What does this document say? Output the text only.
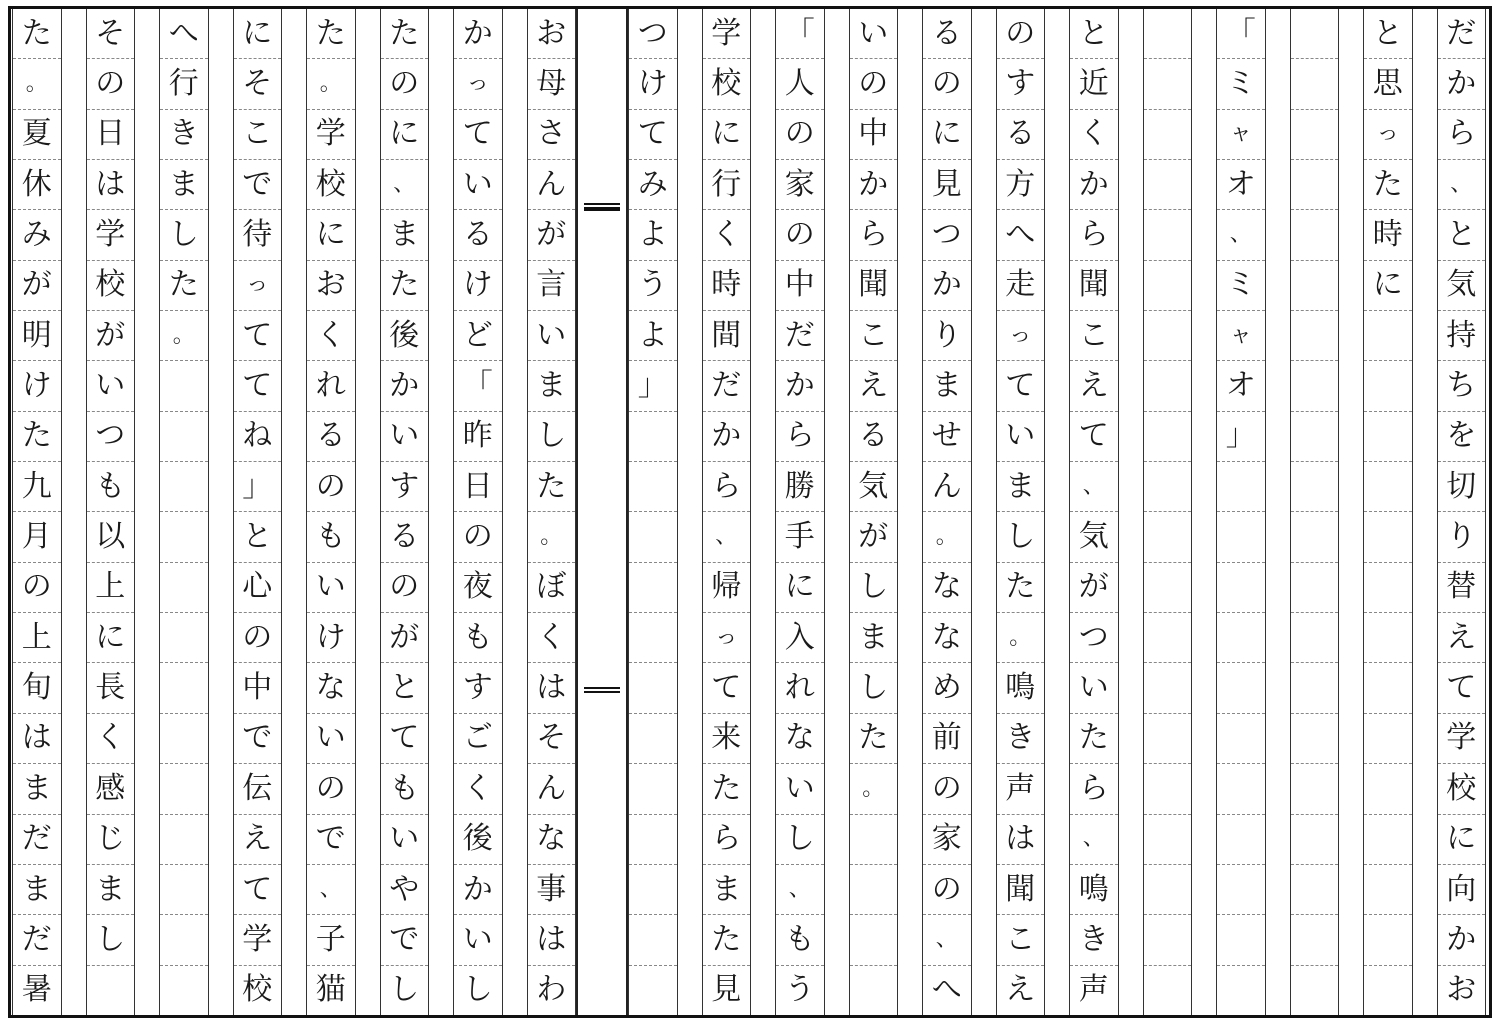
だ
か
ら
、
と
気
持
ち
を
切
り
替
え
て
学
校
に
向
か
お
と
思
っ
た
時
に
「
ミ
ャ
オ
、
ミ
ャ
オ
」
と
近
く
か
ら
聞
こ
え
て
、
気
が
つ
い
た
ら
、
鳴
き
声
の
す
る
方
へ
走
っ
て
い
ま
し
た
。
鳴
き
声
は
聞
こ
え
る
の
に
見
つ
か
り
ま
せ
ん
。
な
な
め
前
の
家
の
、
へ
い
の
中
か
ら
聞
こ
え
る
気
が
し
ま
し
た
。
「
人
の
家
の
中
だ
か
ら
勝
手
に
入
れ
な
い
し
、
も
う
学
校
に
行
く
時
間
だ
か
ら
、
帰
っ
て
来
た
ら
ま
た
見
つ
け
て
み
よ
う
よ
」
お
母
さ
ん
が
言
い
ま
し
た
。
ぼ
く
は
そ
ん
な
事
は
わ
か
っ
て
い
る
け
ど
「
昨
日
の
夜
も
す
ご
く
後
か
い
し
た
の
に
、
ま
た
後
か
い
す
る
の
が
と
て
も
い
や
で
し
た
。
学
校
に
お
く
れ
る
の
も
い
け
な
い
の
で
、
子
猫
に
そ
こ
で
待
っ
て
て
ね
」
と
心
の
中
で
伝
え
て
学
校
へ
行
き
ま
し
た
。
そ
の
日
は
学
校
が
い
つ
も
以
上
に
長
く
感
じ
ま
し
た
。
夏
休
み
が
明
け
た
九
月
の
上
旬
は
ま
だ
ま
だ
暑
